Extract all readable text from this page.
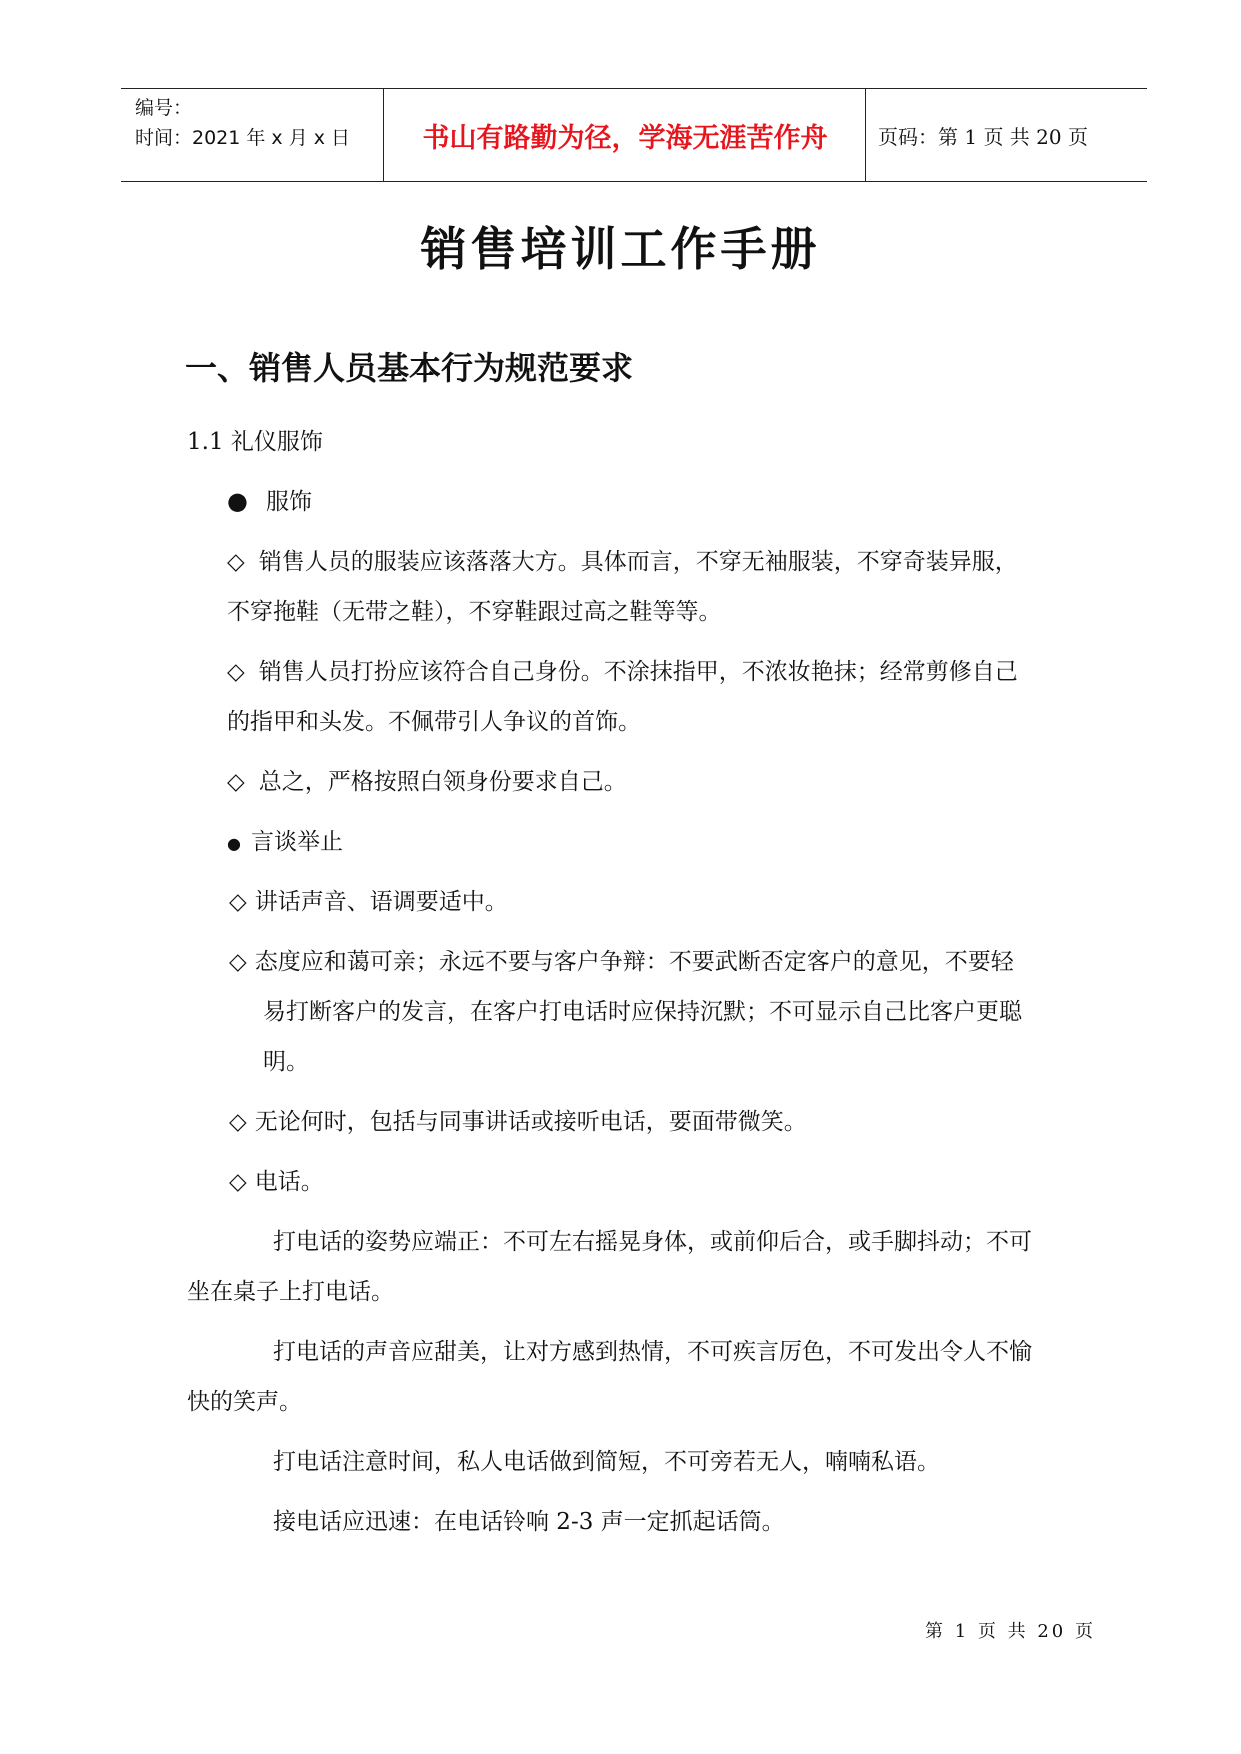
编号：
时间：2021 年 x 月 x 日	书山有路勤为径，学海无涯苦作舟	页码：第 1 页 共 20 页
销售培训工作手册
一、销售人员基本行为规范要求
1.1 礼仪服饰
● 服饰
◇ 销售人员的服装应该落落大方。具体而言，不穿无袖服装，不穿奇装异服，
不穿拖鞋（无带之鞋），不穿鞋跟过高之鞋等等。
◇ 销售人员打扮应该符合自己身份。不涂抹指甲，不浓妆艳抹；经常剪修自己
的指甲和头发。不佩带引人争议的首饰。
◇ 总之，严格按照白领身份要求自己。
● 言谈举止
◇ 讲话声音、语调要适中。
◇ 态度应和蔼可亲；永远不要与客户争辩：不要武断否定客户的意见，不要轻
易打断客户的发言，在客户打电话时应保持沉默；不可显示自己比客户更聪
明。
◇ 无论何时，包括与同事讲话或接听电话，要面带微笑。
◇ 电话。
打电话的姿势应端正：不可左右摇晃身体，或前仰后合，或手脚抖动；不可
坐在桌子上打电话。
打电话的声音应甜美，让对方感到热情，不可疾言厉色，不可发出令人不愉
快的笑声。
打电话注意时间，私人电话做到简短，不可旁若无人，喃喃私语。
接电话应迅速：在电话铃响 2-3 声一定抓起话筒。
第 1 页 共 20 页
